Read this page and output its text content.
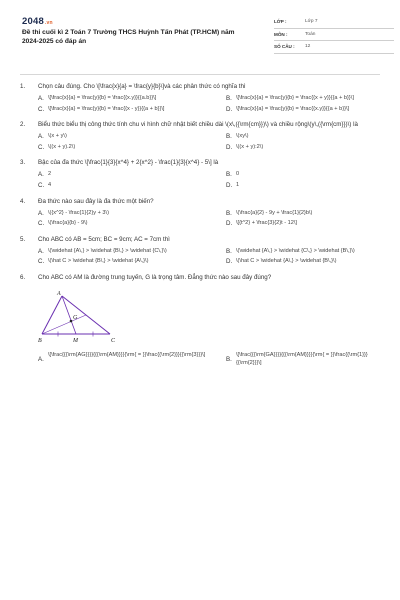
2048.vn
Đề thi cuối kì 2 Toán 7 Trường THCS Huỳnh Tấn Phát (TP.HCM) năm 2024-2025 có đáp án
LỚP :	Lớp 7
MÔN :	Toán
SỐ CÂU :	12
1.	Chọn câu đúng. Cho \[\frac{x}{a} = \frac{y}{b}\]và các phân thức có nghĩa thì
A. \[\frac{x}{a} = \frac{y}{b} = \frac{{x.y}}{{a.b}}\]	B. \[\frac{x}{a} = \frac{y}{b} = \frac{{x + y}}{{a + b}}\]
C. \[\frac{x}{a} = \frac{y}{b} = \frac{{x - y}}{{a + b}}\]	D. \[\frac{x}{a} = \frac{y}{b} = \frac{{x.y}}{{a + b}}\]
2.	Biểu thức biểu thị công thức tính chu vi hình chữ nhật biết chiều dài \(x\,({\rm{cm}})\) và chiều rộng\(y\,({\rm{cm}})\) là
A. \(x + y\)	B. \(xy\)
C. \((x + y).2\)	D. \((x + y):2\)
3.	Bậc của đa thức \[\frac{1}{3}{x^4} + 2{x^2} - \frac{1}{3}{x^4} - 5\] là
A. 2	B. 0
C. 4	D. 1
4.	Đa thức nào sau đây là đa thức một biến?
A. \({x^2} - \frac{1}{2}y + 3\)	B. \(\frac{a}{2} - 9y + \frac{1}{2}b\)
C. \(\frac{a}{b} - 9\)	D. \[{t^2} + \frac{3}{2}t - 12\]
5.	Cho ABC có AB = 5cm; BC = 9cm; AC = 7cm thì
A. \(\widehat {A\,} > \widehat {B\,} > \widehat {C\,}\)	B. \(\widehat {A\,} > \widehat {C\,} > \widehat {B\,}\)
C. \(\hat C > \widehat {B\,} > \widehat {A\,}\)	D. \(\hat C > \widehat {A\,} > \widehat {B\,}\)
6.	Cho ABC có AM là đường trung tuyến, G là trọng tâm. Đẳng thức nào sau đây đúng?
A
B	C
G
M
A.
\[\frac{{{\rm{AG}}}}{{{\rm{AM}}}}{\rm{ = }}\frac{{\rm{2}}}{{\rm{3}}}\]
B.
\[\frac{{{\rm{GA}}}}{{{\rm{AM}}}}{\rm{ = }}\frac{{\rm{1}}}{{\rm{2}}}\]
